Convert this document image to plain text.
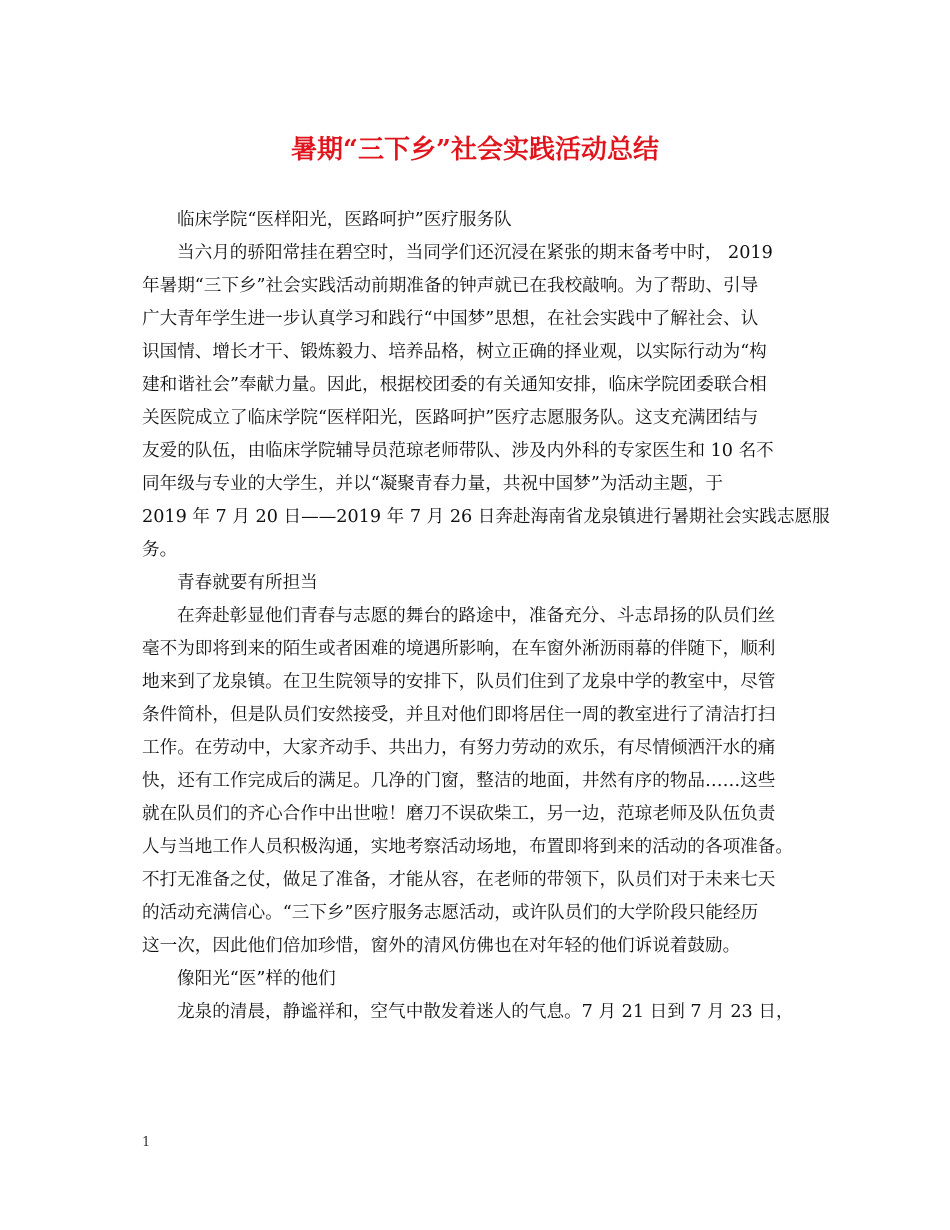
暑期“三下乡”社会实践活动总结
临床学院“医样阳光，医路呵护”医疗服务队
当六月的骄阳常挂在碧空时，当同学们还沉浸在紧张的期末备考中时， 2019
年暑期“三下乡”社会实践活动前期准备的钟声就已在我校敲响。为了帮助、引导
广大青年学生进一步认真学习和践行“中国梦”思想，在社会实践中了解社会、认
识国情、增长才干、锻炼毅力、培养品格，树立正确的择业观，以实际行动为“构
建和谐社会”奉献力量。因此，根据校团委的有关通知安排，临床学院团委联合相
关医院成立了临床学院“医样阳光，医路呵护”医疗志愿服务队。这支充满团结与
友爱的队伍，由临床学院辅导员范琼老师带队、涉及内外科的专家医生和 10 名不
同年级与专业的大学生，并以“凝聚青春力量，共祝中国梦”为活动主题，于
2019 年 7 月 20 日——2019 年 7 月 26 日奔赴海南省龙泉镇进行暑期社会实践志愿服
务。
青春就要有所担当
在奔赴彰显他们青春与志愿的舞台的路途中，准备充分、斗志昂扬的队员们丝
毫不为即将到来的陌生或者困难的境遇所影响，在车窗外淅沥雨幕的伴随下，顺利
地来到了龙泉镇。在卫生院领导的安排下，队员们住到了龙泉中学的教室中，尽管
条件简朴，但是队员们安然接受，并且对他们即将居住一周的教室进行了清洁打扫
工作。在劳动中，大家齐动手、共出力，有努力劳动的欢乐，有尽情倾洒汗水的痛
快，还有工作完成后的满足。几净的门窗，整洁的地面，井然有序的物品……这些
就在队员们的齐心合作中出世啦！磨刀不误砍柴工，另一边，范琼老师及队伍负责
人与当地工作人员积极沟通，实地考察活动场地，布置即将到来的活动的各项准备。
不打无准备之仗，做足了准备，才能从容，在老师的带领下，队员们对于未来七天
的活动充满信心。“三下乡”医疗服务志愿活动，或许队员们的大学阶段只能经历
这一次，因此他们倍加珍惜，窗外的清风仿佛也在对年轻的他们诉说着鼓励。
像阳光“医”样的他们
龙泉的清晨，静谧祥和，空气中散发着迷人的气息。7 月 21 日到 7 月 23 日，
1
